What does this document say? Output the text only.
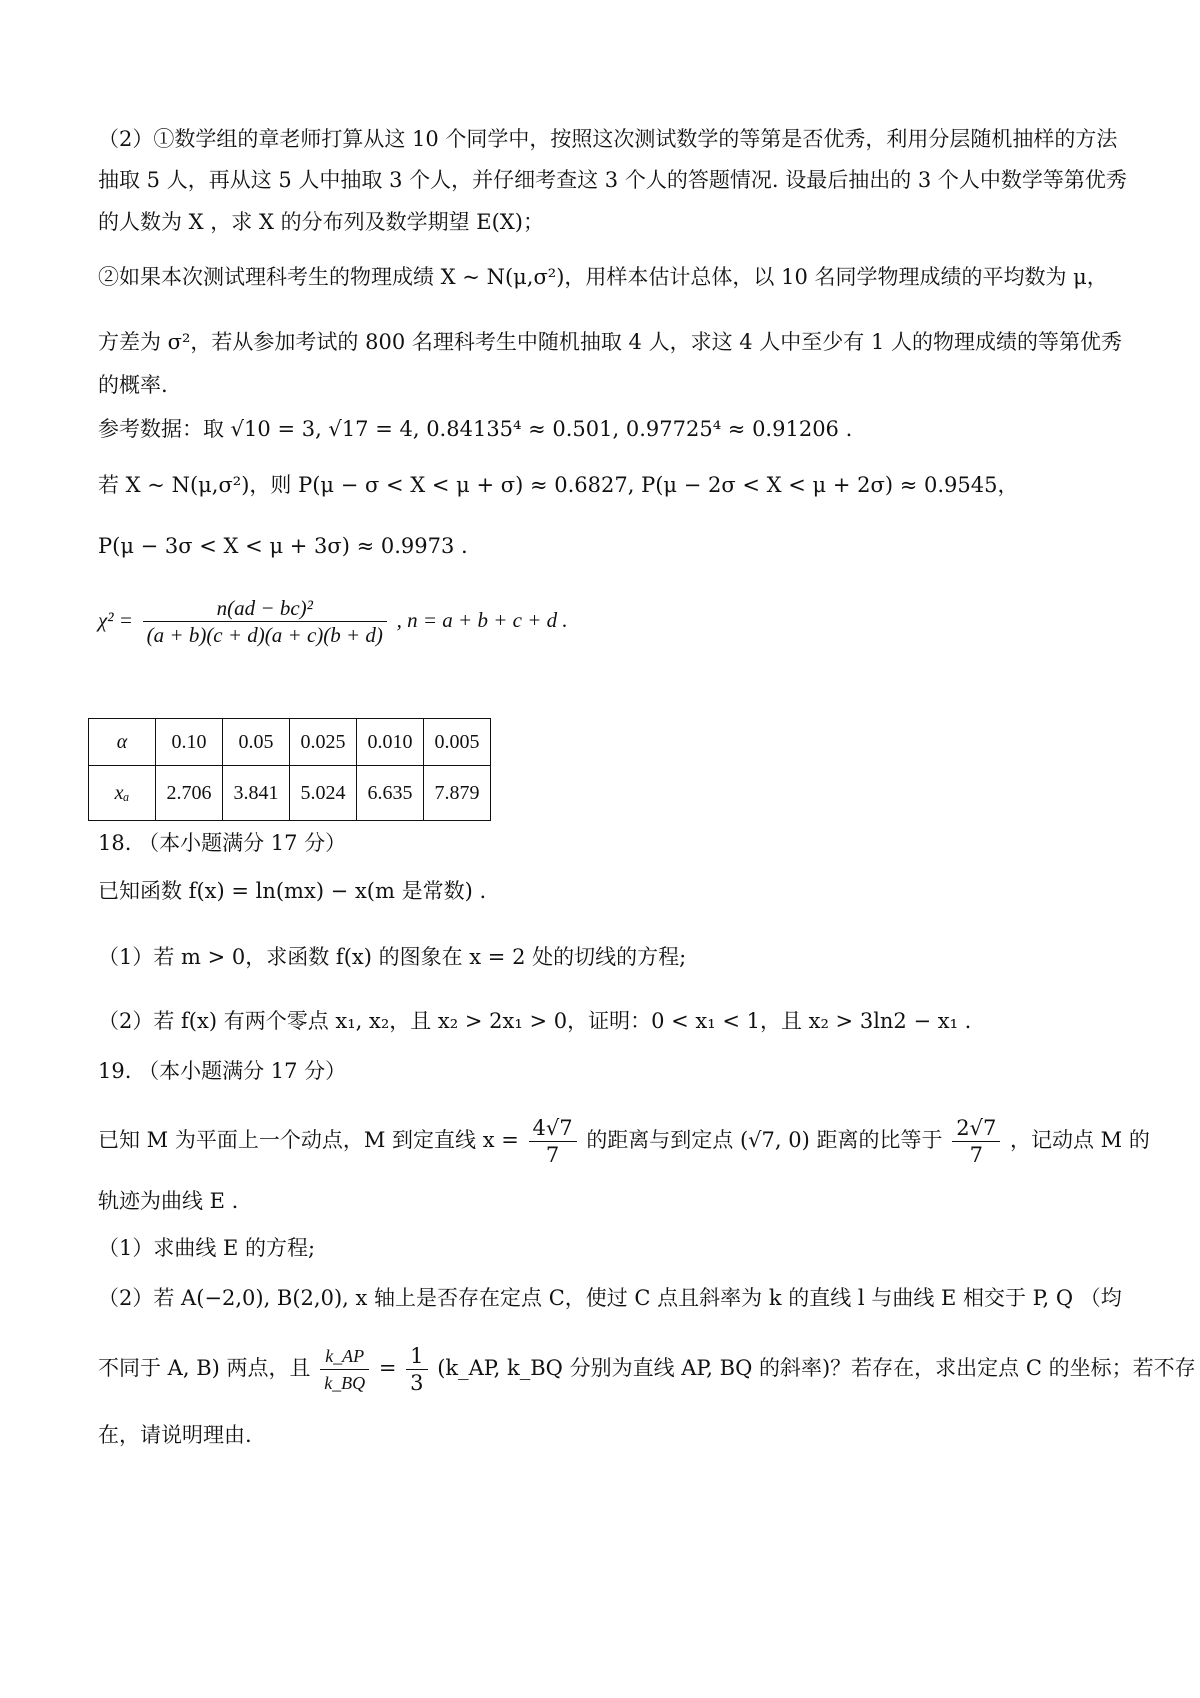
（2）①数学组的章老师打算从这 10 个同学中，按照这次测试数学的等第是否优秀，利用分层随机抽样的方法
抽取 5 人，再从这 5 人中抽取 3 个人，并仔细考查这 3 个人的答题情况. 设最后抽出的 3 个人中数学等第优秀
的人数为 X ，求 X 的分布列及数学期望 E(X)；
②如果本次测试理科考生的物理成绩 X ~ N(μ,σ²)，用样本估计总体，以 10 名同学物理成绩的平均数为 μ，
方差为 σ²，若从参加考试的 800 名理科考生中随机抽取 4 人，求这 4 人中至少有 1 人的物理成绩的等第优秀
的概率.
参考数据：取 √10 = 3, √17 = 4, 0.84135⁴ ≈ 0.501, 0.97725⁴ ≈ 0.91206 .
若 X ~ N(μ,σ²)，则 P(μ − σ < X < μ + σ) ≈ 0.6827, P(μ − 2σ < X < μ + 2σ) ≈ 0.9545，
P(μ − 3σ < X < μ + 3σ) ≈ 0.9973 .
$\chi^2 = \frac{\text{n(ad − bc)²}}{(a + b)(c + d)(a + c)(b + d)}$ , n = a + b + c + d .
α	0.10	0.05	0.025	0.010	0.005
xₐ	2.706	3.841	5.024	6.635	7.879
18. （本小题满分 17 分）
已知函数 f(x) = ln(mx) − x(m 是常数) .
（1）若 m > 0，求函数 f(x) 的图象在 x = 2 处的切线的方程;
（2）若 f(x) 有两个零点 x₁, x₂，且 x₂ > 2x₁ > 0，证明：0 < x₁ < 1，且 x₂ > 3ln2 − x₁ .
19. （本小题满分 17 分）
已知 M 为平面上一个动点，M 到定直线 $x = \frac{4√7}{7}$ 的距离与到定点 (√7, 0) 距离的比等于 $\frac{2√7}{7}$ ，记动点 M 的
轨迹为曲线 E .
（1）求曲线 E 的方程;
（2）若 A(−2,0), B(2,0), x 轴上是否存在定点 C，使过 C 点且斜率为 k 的直线 l 与曲线 E 相交于 P, Q （均
不同于 A, B) 两点，且 $\frac{k\_AP}{k\_BQ} = \frac{1}{3}$ (k_AP, k_BQ 分别为直线 AP, BQ 的斜率)？若存在，求出定点 C 的坐标；若不存
在，请说明理由.
